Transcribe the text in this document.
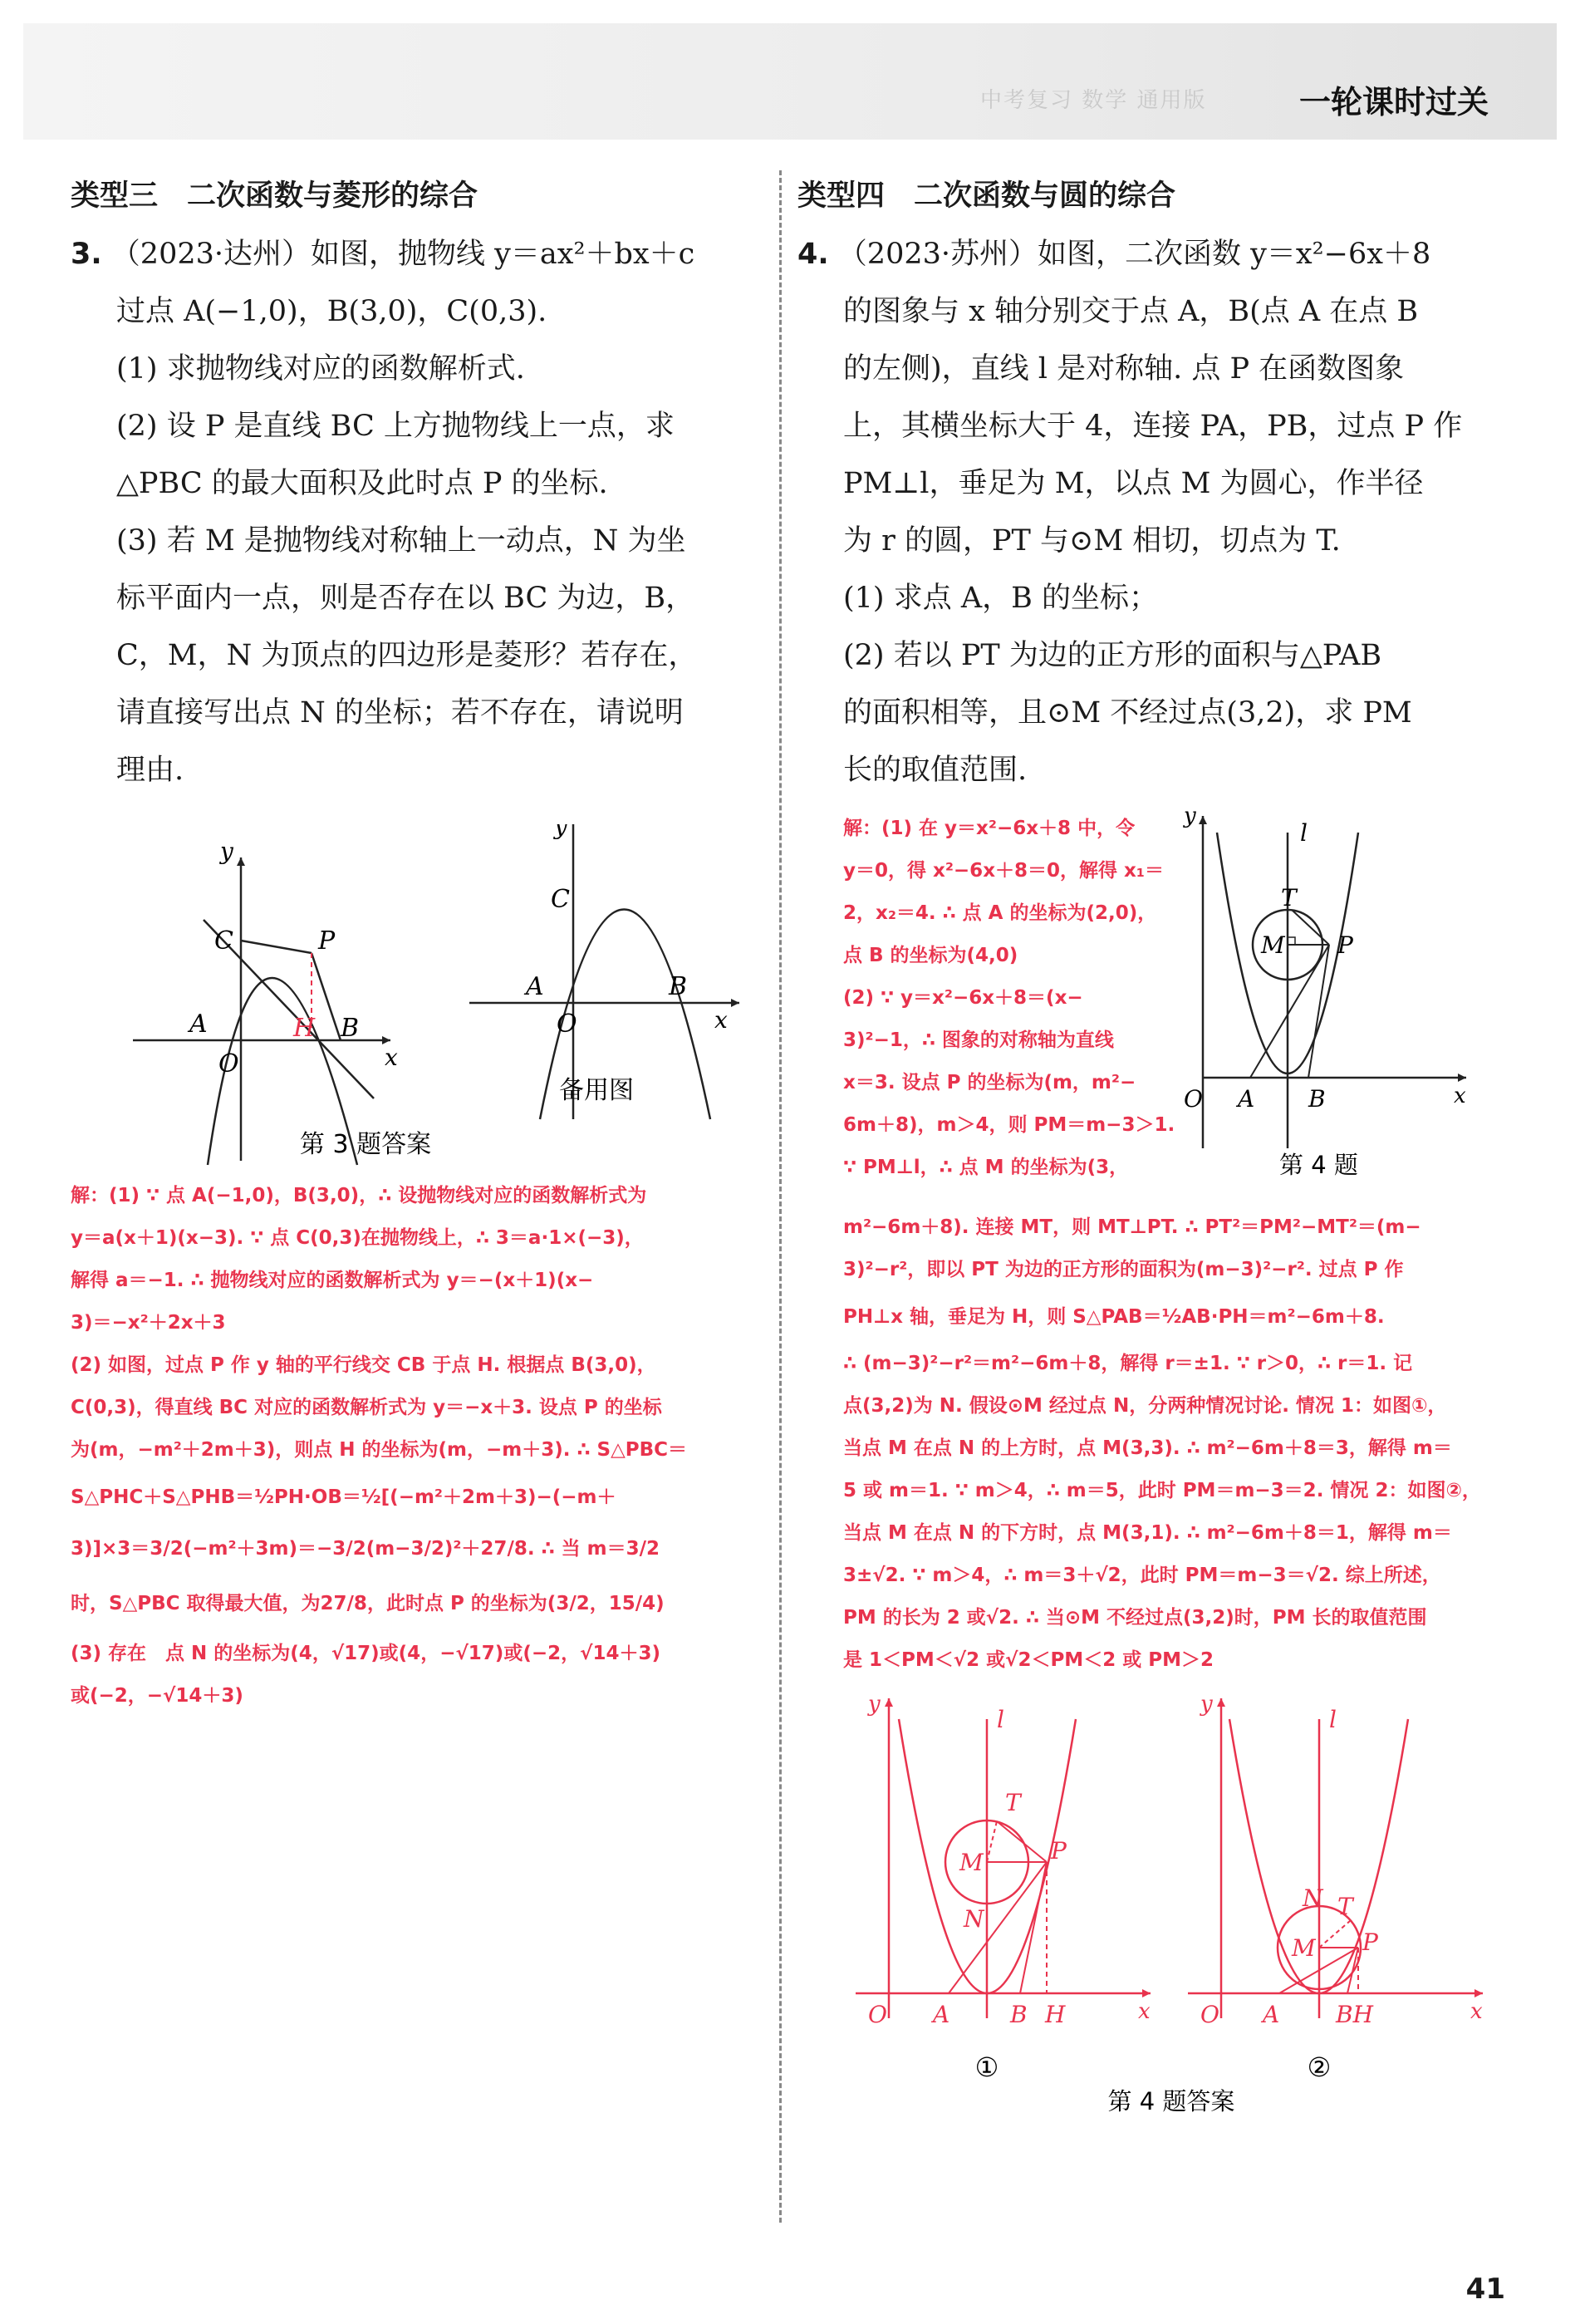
中考复习 数学 通用版	一轮课时过关
类型三　二次函数与菱形的综合

3. （2023·达州）如图，抛物线 y＝ax²＋bx＋c

过点 A(−1,0)，B(3,0)，C(0,3).

(1) 求抛物线对应的函数解析式.

(2) 设 P 是直线 BC 上方抛物线上一点，求

△PBC 的最大面积及此时点 P 的坐标.

(3) 若 M 是抛物线对称轴上一动点，N 为坐

标平面内一点，则是否存在以 BC 为边，B，

C，M，N 为顶点的四边形是菱形？若存在，

请直接写出点 N 的坐标；若不存在，请说明

理由.

y
C	P
A
O
H B
x
y
C
A	B
O	x
备用图
第 3 题答案

解：(1) ∵ 点 A(−1,0)，B(3,0)，∴ 设抛物线对应的函数解析式为

y＝a(x＋1)(x−3). ∵ 点 C(0,3)在抛物线上，∴ 3＝a·1×(−3)，

解得 a＝−1. ∴ 抛物线对应的函数解析式为 y＝−(x＋1)(x−

3)＝−x²＋2x＋3

(2) 如图，过点 P 作 y 轴的平行线交 CB 于点 H. 根据点 B(3,0)，

C(0,3)，得直线 BC 对应的函数解析式为 y＝−x＋3. 设点 P 的坐标

为(m，−m²＋2m＋3)，则点 H 的坐标为(m，−m＋3). ∴ S△PBC＝

S△PHC＋S△PHB＝½PH·OB＝½[(−m²＋2m＋3)−(−m＋

3)]×3＝3/2(−m²＋3m)＝−3/2(m−3/2)²＋27/8. ∴ 当 m＝3/2

时，S△PBC 取得最大值，为27/8，此时点 P 的坐标为(3/2，15/4)

(3) 存在　点 N 的坐标为(4，√17)或(4，−√17)或(−2，√14＋3)

或(−2，−√14＋3)

类型四　二次函数与圆的综合

4. （2023·苏州）如图，二次函数 y＝x²−6x＋8

的图象与 x 轴分别交于点 A，B(点 A 在点 B

的左侧)，直线 l 是对称轴. 点 P 在函数图象

上，其横坐标大于 4，连接 PA，PB，过点 P 作

PM⊥l，垂足为 M，以点 M 为圆心，作半径

为 r 的圆，PT 与⊙M 相切，切点为 T.

(1) 求点 A，B 的坐标；

(2) 若以 PT 为边的正方形的面积与△PAB

的面积相等，且⊙M 不经过点(3,2)，求 PM

长的取值范围.

解：(1) 在 y＝x²−6x＋8 中，令

y＝0，得 x²−6x＋8＝0，解得 x₁＝

2，x₂＝4. ∴ 点 A 的坐标为(2,0)，

点 B 的坐标为(4,0)

(2) ∵ y＝x²−6x＋8＝(x−

3)²−1，∴ 图象的对称轴为直线

x＝3. 设点 P 的坐标为(m，m²−

6m＋8)，m＞4，则 PM＝m−3＞1.

∵ PM⊥l，∴ 点 M 的坐标为(3，

y
l
T
M P
O A B	x
第 4 题

m²−6m＋8). 连接 MT，则 MT⊥PT. ∴ PT²＝PM²−MT²＝(m−

3)²−r²，即以 PT 为边的正方形的面积为(m−3)²−r². 过点 P 作

PH⊥x 轴，垂足为 H，则 S△PAB＝½AB·PH＝m²−6m＋8.

∴ (m−3)²−r²＝m²−6m＋8，解得 r＝±1. ∵ r＞0，∴ r＝1. 记

点(3,2)为 N. 假设⊙M 经过点 N，分两种情况讨论. 情况 1：如图①，

当点 M 在点 N 的上方时，点 M(3,3). ∴ m²−6m＋8＝3，解得 m＝

5 或 m＝1. ∵ m＞4，∴ m＝5，此时 PM＝m−3＝2. 情况 2：如图②，

当点 M 在点 N 的下方时，点 M(3,1). ∴ m²−6m＋8＝1，解得 m＝

3±√2. ∵ m＞4，∴ m＝3＋√2，此时 PM＝m−3＝√2. 综上所述，

PM 的长为 2 或√2. ∴ 当⊙M 不经过点(3,2)时，PM 长的取值范围

是 1＜PM＜√2 或√2＜PM＜2 或 PM＞2

y
l
T
P
M
N
O A	B H	x
①
y
l
N T
M P
O A BH	x
②
第 4 题答案
41
